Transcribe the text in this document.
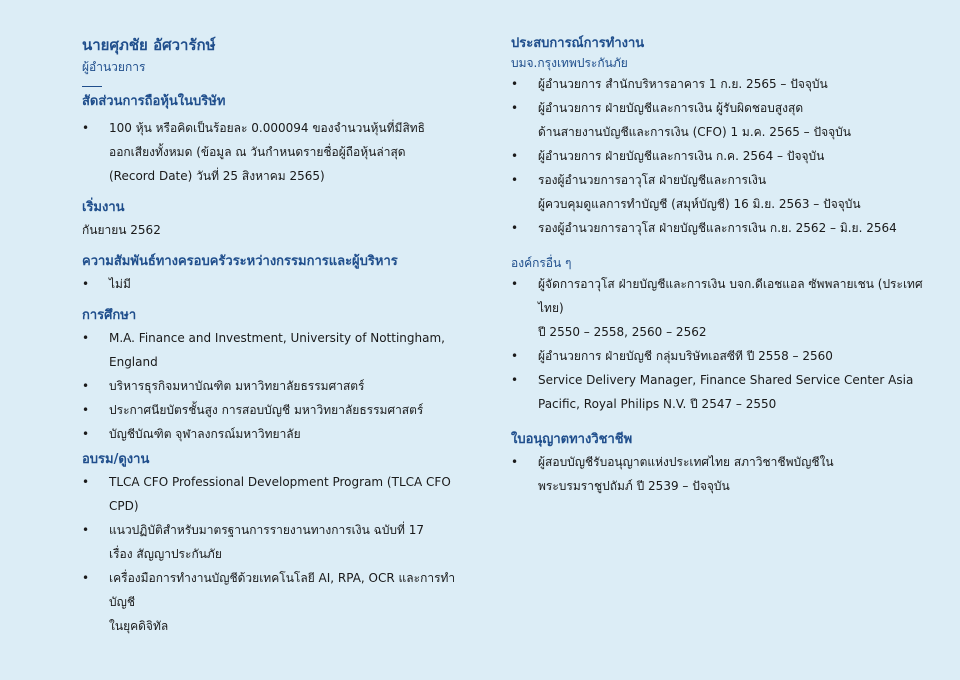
นายศุภชัย อัศวารักษ์

ผู้อำนวยการ

สัดส่วนการถือหุ้นในบริษัท

• 100 หุ้น หรือคิดเป็นร้อยละ 0.000094 ของจำนวนหุ้นที่มีสิทธิ
ออกเสียงทั้งหมด (ข้อมูล ณ วันกำหนดรายชื่อผู้ถือหุ้นล่าสุด
(Record Date) วันที่ 25 สิงหาคม 2565)

เริ่มงาน

กันยายน 2562

ความสัมพันธ์ทางครอบครัวระหว่างกรรมการและผู้บริหาร

• ไม่มี

การศึกษา

• M.A. Finance and Investment, University of Nottingham,
England
• บริหารธุรกิจมหาบัณฑิต มหาวิทยาลัยธรรมศาสตร์
• ประกาศนียบัตรชั้นสูง การสอบบัญชี มหาวิทยาลัยธรรมศาสตร์
• บัญชีบัณฑิต จุฬาลงกรณ์มหาวิทยาลัย

อบรม/ดูงาน

• TLCA CFO Professional Development Program (TLCA CFO
CPD)
• แนวปฏิบัติสำหรับมาตรฐานการรายงานทางการเงิน ฉบับที่ 17
เรื่อง สัญญาประกันภัย
• เครื่องมือการทำงานบัญชีด้วยเทคโนโลยี AI, RPA, OCR และการทำ
บัญชี
ในยุคดิจิทัล

ประสบการณ์การทำงาน

บมจ.กรุงเทพประกันภัย

• ผู้อำนวยการ สำนักบริหารอาคาร 1 ก.ย. 2565 – ปัจจุบัน
• ผู้อำนวยการ ฝ่ายบัญชีและการเงิน ผู้รับผิดชอบสูงสุด
ด้านสายงานบัญชีและการเงิน (CFO) 1 ม.ค. 2565 – ปัจจุบัน
• ผู้อำนวยการ ฝ่ายบัญชีและการเงิน ก.ค. 2564 – ปัจจุบัน
• รองผู้อำนวยการอาวุโส ฝ่ายบัญชีและการเงิน
ผู้ควบคุมดูแลการทำบัญชี (สมุห์บัญชี) 16 มิ.ย. 2563 – ปัจจุบัน
• รองผู้อำนวยการอาวุโส ฝ่ายบัญชีและการเงิน ก.ย. 2562 – มิ.ย. 2564

องค์กรอื่น ๆ

• ผู้จัดการอาวุโส ฝ่ายบัญชีและการเงิน บจก.ดีเอชแอล ซัพพลายเชน (ประเทศ
ไทย)
ปี 2550 – 2558, 2560 – 2562
• ผู้อำนวยการ ฝ่ายบัญชี กลุ่มบริษัทเอสซีที ปี 2558 – 2560
• Service Delivery Manager, Finance Shared Service Center Asia
Pacific, Royal Philips N.V. ปี 2547 – 2550

ใบอนุญาตทางวิชาชีพ

• ผู้สอบบัญชีรับอนุญาตแห่งประเทศไทย สภาวิชาชีพบัญชีใน
พระบรมราชูปถัมภ์ ปี 2539 – ปัจจุบัน
